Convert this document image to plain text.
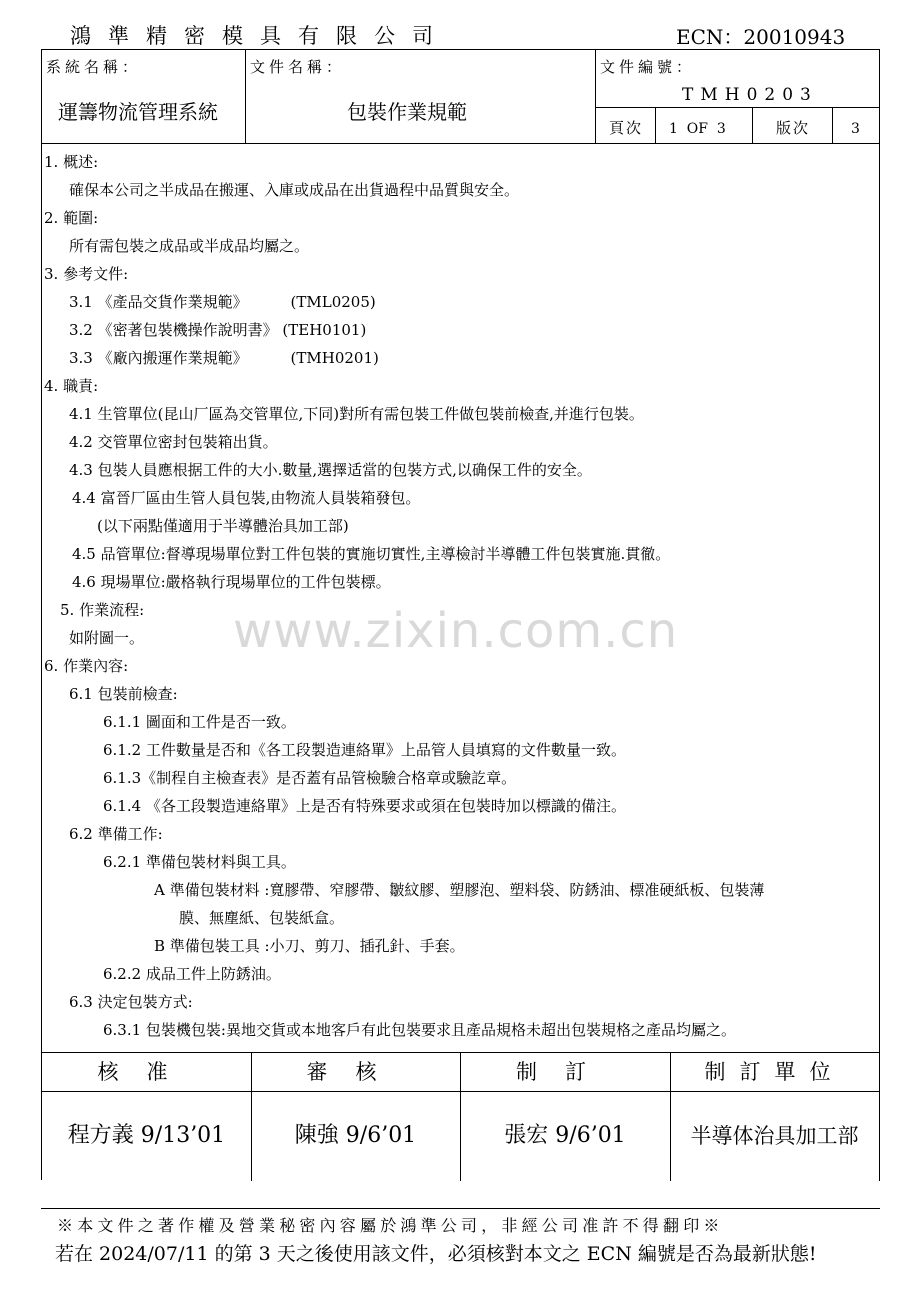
鴻準精密模具有限公司	ECN：20010943
系統名稱：
運籌物流管理系統
文件名稱：
包裝作業規範
文件編號：
TMH0203
頁次 1  OF  3	版次	3
1. 概述:
確保本公司之半成品在搬運、入庫或成品在出貨過程中品質與安全。
2. 範圍:
所有需包裝之成品或半成品均屬之。
3. 參考文件:
3.1 《產品交貨作業規範》         (TML0205)
3.2 《密著包裝機操作說明書》 (TEH0101)
3.3 《廠內搬運作業規範》         (TMH0201)
4. 職責:
4.1 生管單位(昆山厂區為交管單位,下同)對所有需包裝工件做包裝前檢查,并進行包裝。
4.2 交管單位密封包裝箱出貨。
4.3 包裝人員應根据工件的大小.數量,選擇适當的包裝方式,以确保工件的安全。
4.4 富晉厂區由生管人員包裝,由物流人員裝箱發包。
(以下兩點僅適用于半導體治具加工部)
4.5 品管單位:督導現場單位對工件包裝的實施切實性,主導檢討半導體工件包裝實施.貫徹。
4.6 現場單位:嚴格執行現場單位的工件包裝標。
5. 作業流程:
如附圖一。
6. 作業內容:
6.1 包裝前檢查:
6.1.1 圖面和工件是否一致。
6.1.2 工件數量是否和《各工段製造連絡單》上品管人員填寫的文件數量一致。
6.1.3《制程自主檢查表》是否蓋有品管檢驗合格章或驗訖章。
6.1.4 《各工段製造連絡單》上是否有特殊要求或須在包裝時加以標識的備注。
6.2 準備工作:
6.2.1 準備包裝材料與工具。
A 準備包裝材料 :寬膠帶、窄膠帶、皺紋膠、塑膠泡、塑料袋、防銹油、標准硬紙板、包裝薄
膜、無塵紙、包裝紙盒。
B 準備包裝工具 :小刀、剪刀、插孔針、手套。
6.2.2 成品工件上防銹油。
6.3 決定包裝方式:
6.3.1 包裝機包裝:異地交貨或本地客戶有此包裝要求且產品規格未超出包裝規格之產品均屬之。
www.zixin.com.cn
核准	審核	制訂	制訂單位
程方義 9/13’01	陳強 9/6’01	張宏 9/6’01	半導体治具加工部
※本文件之著作權及營業秘密內容屬於鴻準公司，非經公司准許不得翻印※
若在 2024/07/11 的第 3 天之後使用該文件，必須核對本文之 ECN 編號是否為最新狀態!
